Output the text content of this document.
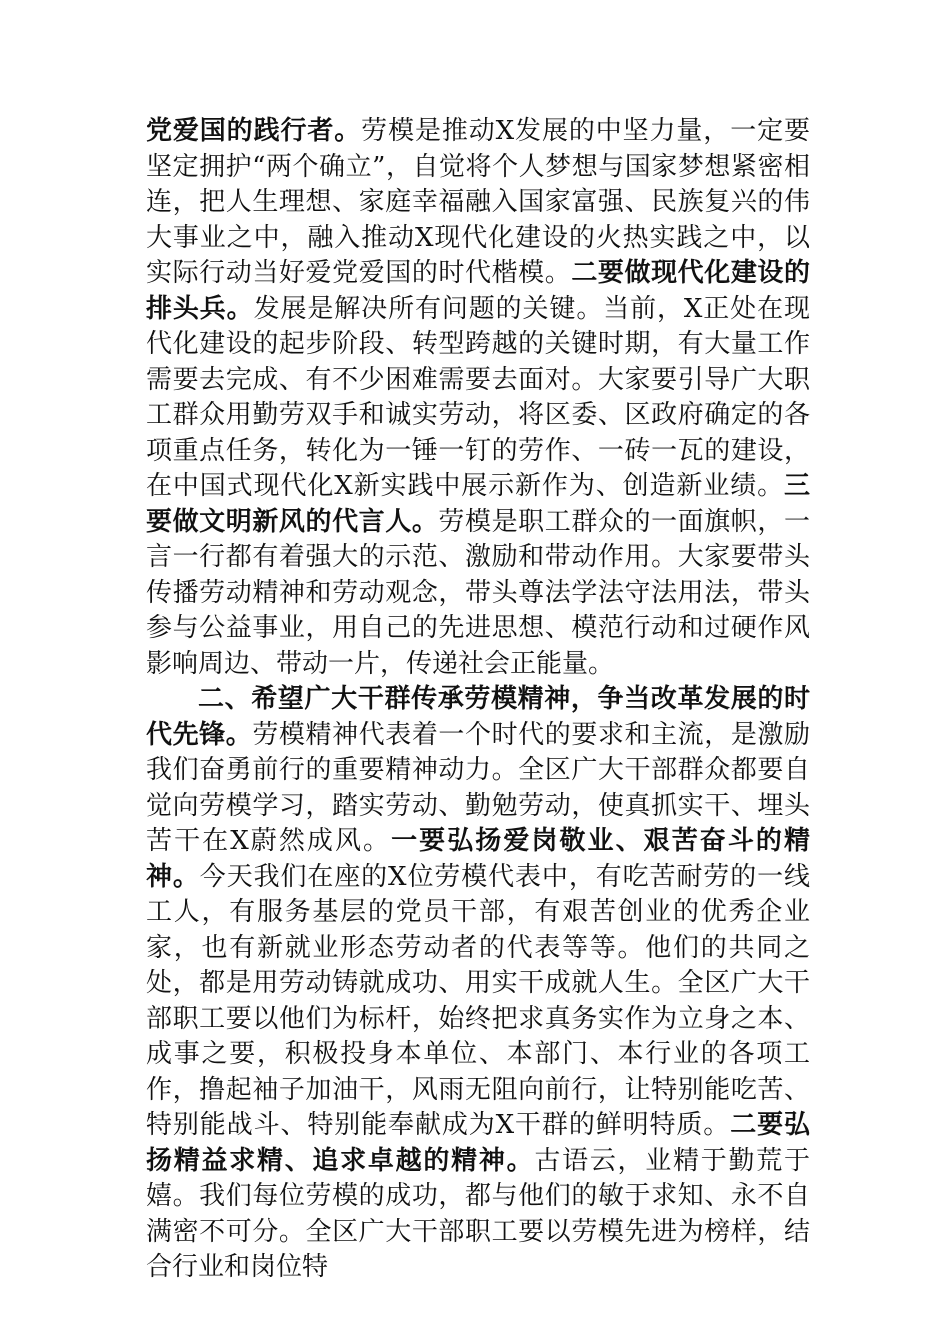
党爱国的践行者。劳模是推动X发展的中坚力量，一定要坚定拥护“两个确立”，自觉将个人梦想与国家梦想紧密相连，把人生理想、家庭幸福融入国家富强、民族复兴的伟大事业之中，融入推动X现代化建设的火热实践之中，以实际行动当好爱党爱国的时代楷模。二要做现代化建设的排头兵。发展是解决所有问题的关键。当前，X正处在现代化建设的起步阶段、转型跨越的关键时期，有大量工作需要去完成、有不少困难需要去面对。大家要引导广大职工群众用勤劳双手和诚实劳动，将区委、区政府确定的各项重点任务，转化为一锤一钉的劳作、一砖一瓦的建设，在中国式现代化X新实践中展示新作为、创造新业绩。三要做文明新风的代言人。劳模是职工群众的一面旗帜，一言一行都有着强大的示范、激励和带动作用。大家要带头传播劳动精神和劳动观念，带头尊法学法守法用法，带头参与公益事业，用自己的先进思想、模范行动和过硬作风影响周边、带动一片，传递社会正能量。

二、希望广大干群传承劳模精神，争当改革发展的时代先锋。劳模精神代表着一个时代的要求和主流，是激励我们奋勇前行的重要精神动力。全区广大干部群众都要自觉向劳模学习，踏实劳动、勤勉劳动，使真抓实干、埋头苦干在X蔚然成风。一要弘扬爱岗敬业、艰苦奋斗的精神。今天我们在座的X位劳模代表中，有吃苦耐劳的一线工人，有服务基层的党员干部，有艰苦创业的优秀企业家，也有新就业形态劳动者的代表等等。他们的共同之处，都是用劳动铸就成功、用实干成就人生。全区广大干部职工要以他们为标杆，始终把求真务实作为立身之本、成事之要，积极投身本单位、本部门、本行业的各项工作，撸起袖子加油干，风雨无阻向前行，让特别能吃苦、特别能战斗、特别能奉献成为X干群的鲜明特质。二要弘扬精益求精、追求卓越的精神。古语云，业精于勤荒于嬉。我们每位劳模的成功，都与他们的敏于求知、永不自满密不可分。全区广大干部职工要以劳模先进为榜样，结合行业和岗位特
